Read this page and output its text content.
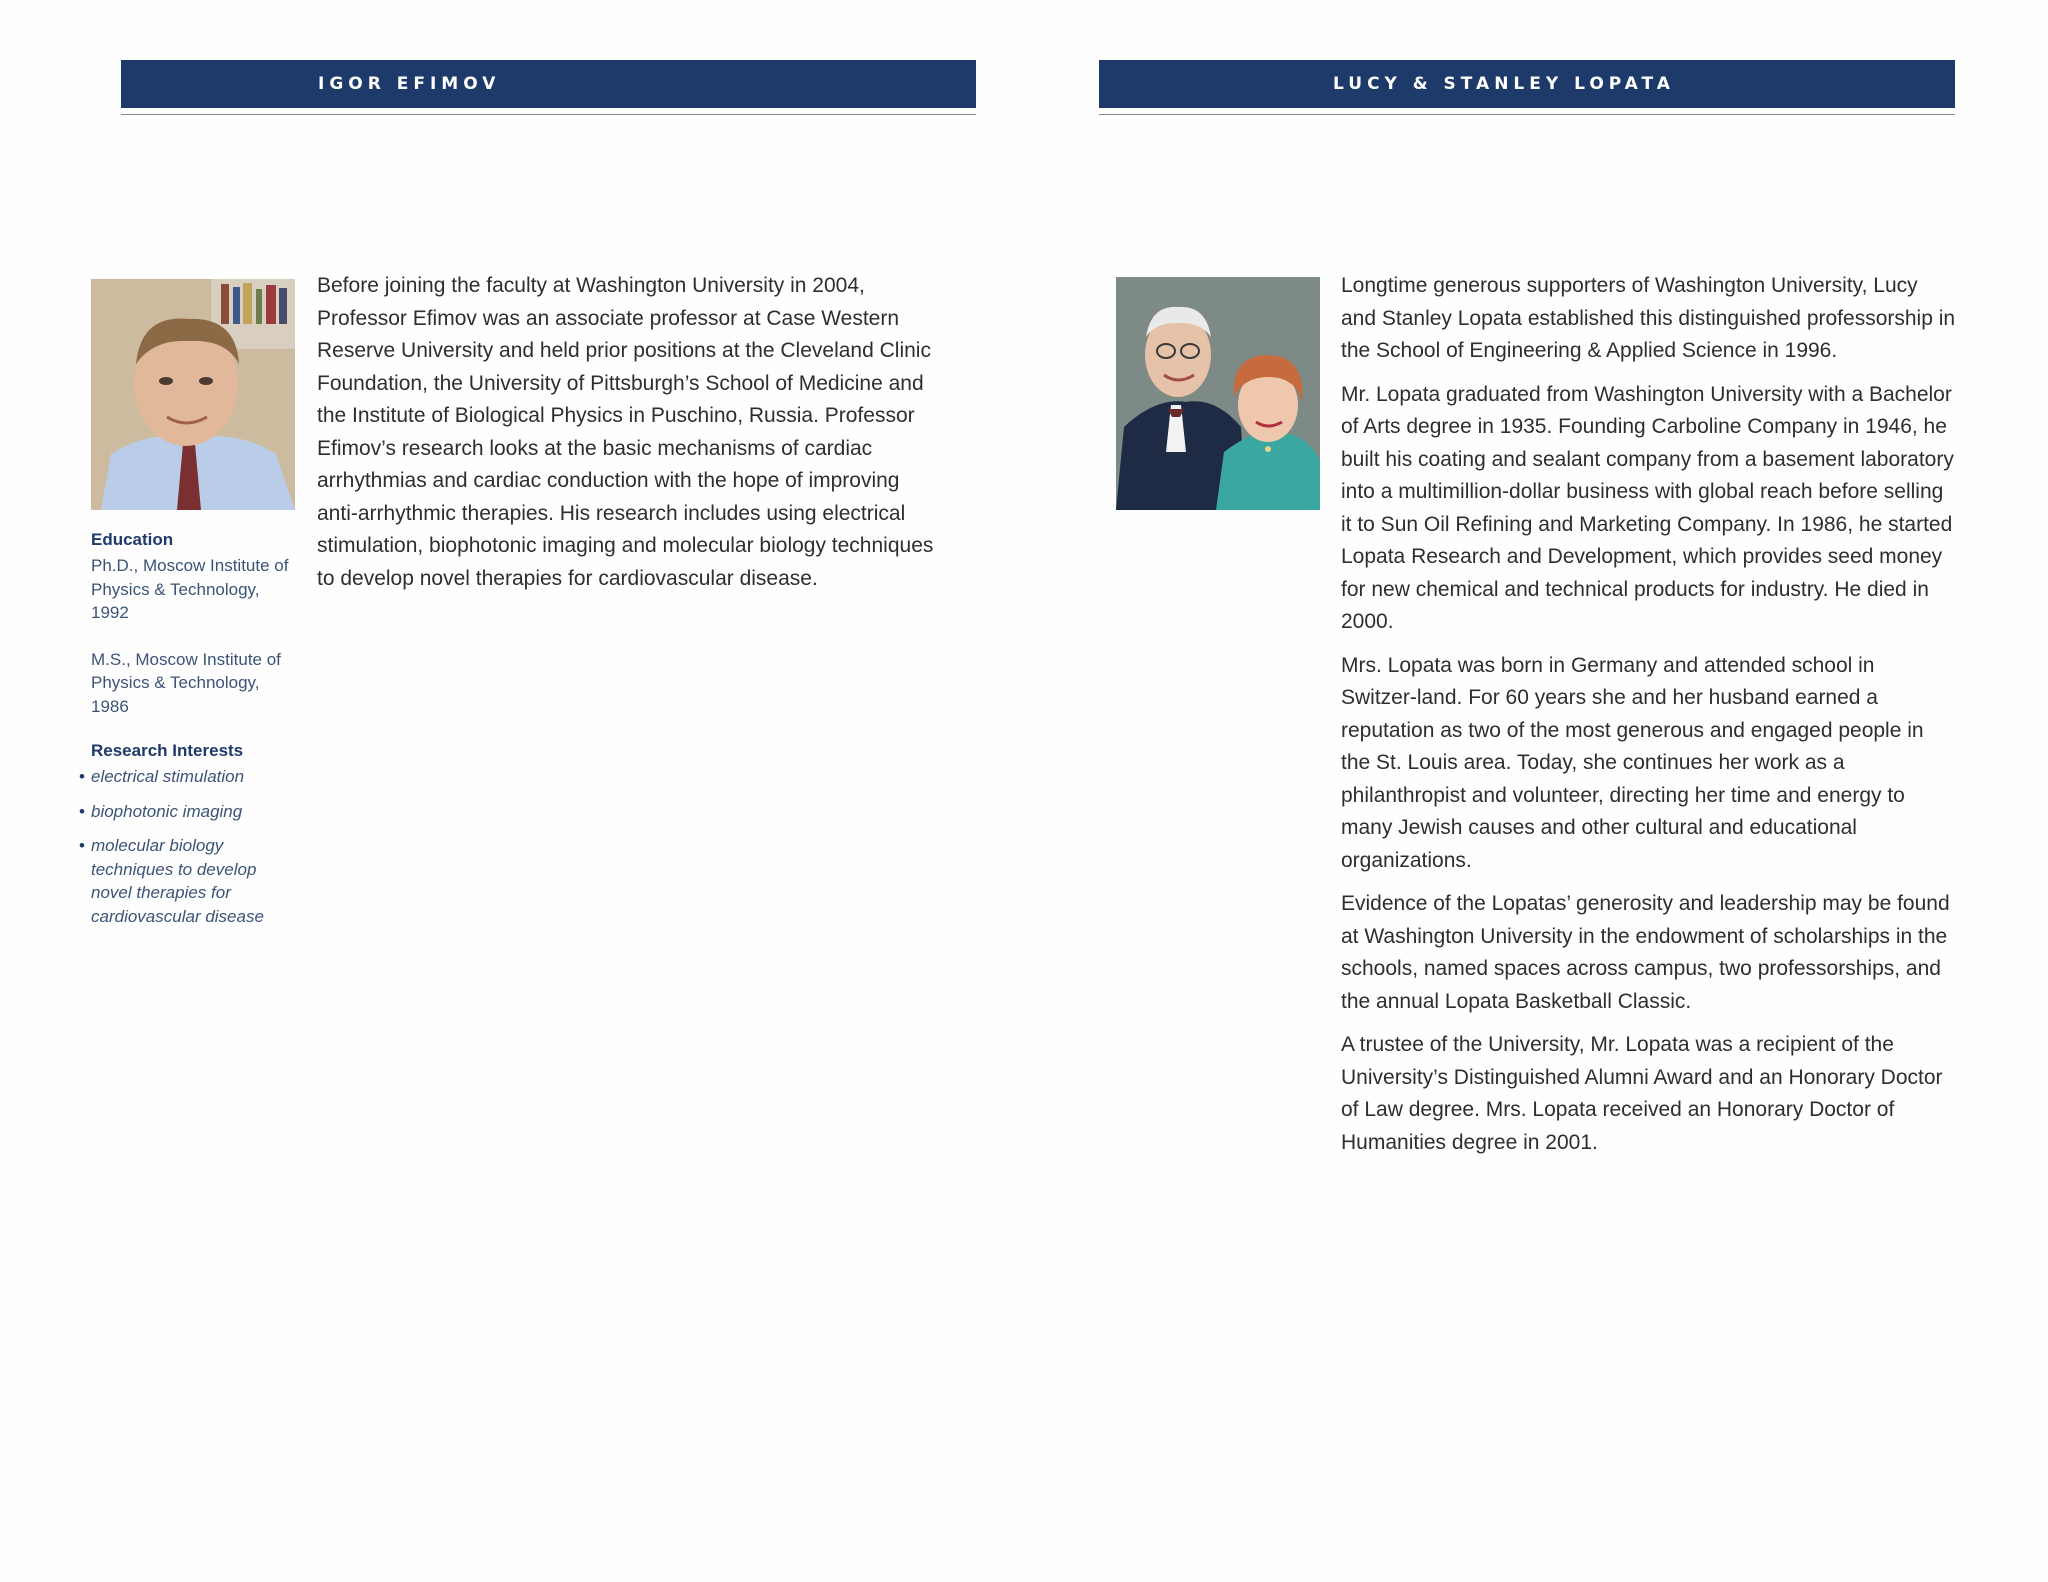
IGOR EFIMOV	LUCY & STANLEY LOPATA

Before joining the faculty at Washington University in 2004, Professor Efimov was an associate professor at Case Western Reserve University and held prior positions at the Cleveland Clinic Foundation, the University of Pittsburgh’s School of Medicine and the Institute of Biological Physics in Puschino, Russia. Professor Efimov’s research looks at the basic mechanisms of cardiac arrhythmias and cardiac conduction with the hope of improving anti-arrhythmic therapies. His research includes using electrical stimulation, biophotonic imaging and molecular biology techniques to develop novel therapies for cardiovascular disease.

Education
Ph.D., Moscow Institute of Physics & Technology, 1992
M.S., Moscow Institute of Physics & Technology, 1986
Research Interests
• electrical stimulation
• biophotonic imaging
• molecular biology techniques to develop novel therapies for cardiovascular disease

Longtime generous supporters of Washington University, Lucy and Stanley Lopata established this distinguished professorship in the School of Engineering & Applied Science in 1996.

Mr. Lopata graduated from Washington University with a Bachelor of Arts degree in 1935. Founding Carboline Company in 1946, he built his coating and sealant company from a basement laboratory into a multimillion-dollar business with global reach before selling it to Sun Oil Refining and Marketing Company. In 1986, he started Lopata Research and Development, which provides seed money for new chemical and technical products for industry. He died in 2000.

Mrs. Lopata was born in Germany and attended school in Switzer-land. For 60 years she and her husband earned a reputation as two of the most generous and engaged people in the St. Louis area. Today, she continues her work as a philanthropist and volunteer, directing her time and energy to many Jewish causes and other cultural and educational organizations.

Evidence of the Lopatas’ generosity and leadership may be found at Washington University in the endowment of scholarships in the schools, named spaces across campus, two professorships, and the annual Lopata Basketball Classic.

A trustee of the University, Mr. Lopata was a recipient of the University’s Distinguished Alumni Award and an Honorary Doctor of Law degree. Mrs. Lopata received an Honorary Doctor of Humanities degree in 2001.
